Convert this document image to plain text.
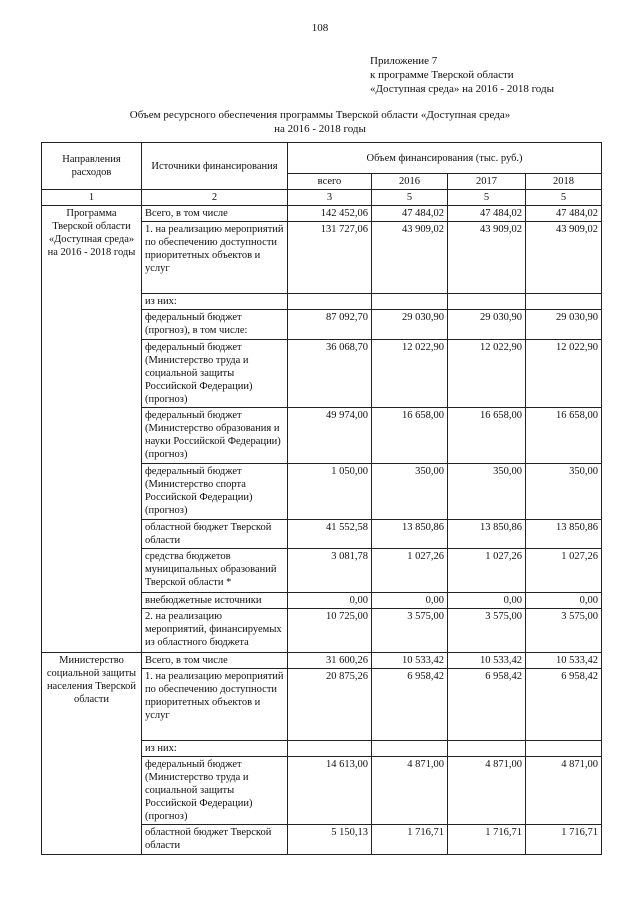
108
Приложение 7
к программе Тверской области
«Доступная среда» на 2016 - 2018 годы
Объем ресурсного обеспечения программы Тверской области «Доступная среда»
на 2016 - 2018 годы
Направления расходов	Источники финансирования	Объем финансирования (тыс. руб.)			
		всего	2016	2017	2018
1	2	3	5	5	5
Программа Тверской области «Доступная среда» на 2016 - 2018 годы	Всего, в том числе	142 452,06	47 484,02	47 484,02	47 484,02
	1. на реализацию мероприятий по обеспечению доступности приоритетных объектов и услуг	131 727,06	43 909,02	43 909,02	43 909,02
	из них:				
	федеральный бюджет (прогноз), в том числе:	87 092,70	29 030,90	29 030,90	29 030,90
	федеральный бюджет (Министерство труда и социальной защиты Российской Федерации) (прогноз)	36 068,70	12 022,90	12 022,90	12 022,90
	федеральный бюджет (Министерство образования и науки Российской Федерации) (прогноз)	49 974,00	16 658,00	16 658,00	16 658,00
	федеральный бюджет (Министерство спорта Российской Федерации) (прогноз)	1 050,00	350,00	350,00	350,00
	областной бюджет Тверской области	41 552,58	13 850,86	13 850,86	13 850,86
	средства бюджетов муниципальных образований Тверской области *	3 081,78	1 027,26	1 027,26	1 027,26
	внебюджетные источники	0,00	0,00	0,00	0,00
	2. на реализацию мероприятий, финансируемых из областного бюджета	10 725,00	3 575,00	3 575,00	3 575,00
Министерство социальной защиты населения Тверской области	Всего, в том числе	31 600,26	10 533,42	10 533,42	10 533,42
	1. на реализацию мероприятий по обеспечению доступности приоритетных объектов и услуг	20 875,26	6 958,42	6 958,42	6 958,42
	из них:				
	федеральный бюджет (Министерство труда и социальной защиты Российской Федерации) (прогноз)	14 613,00	4 871,00	4 871,00	4 871,00
	областной бюджет Тверской области	5 150,13	1 716,71	1 716,71	1 716,71
